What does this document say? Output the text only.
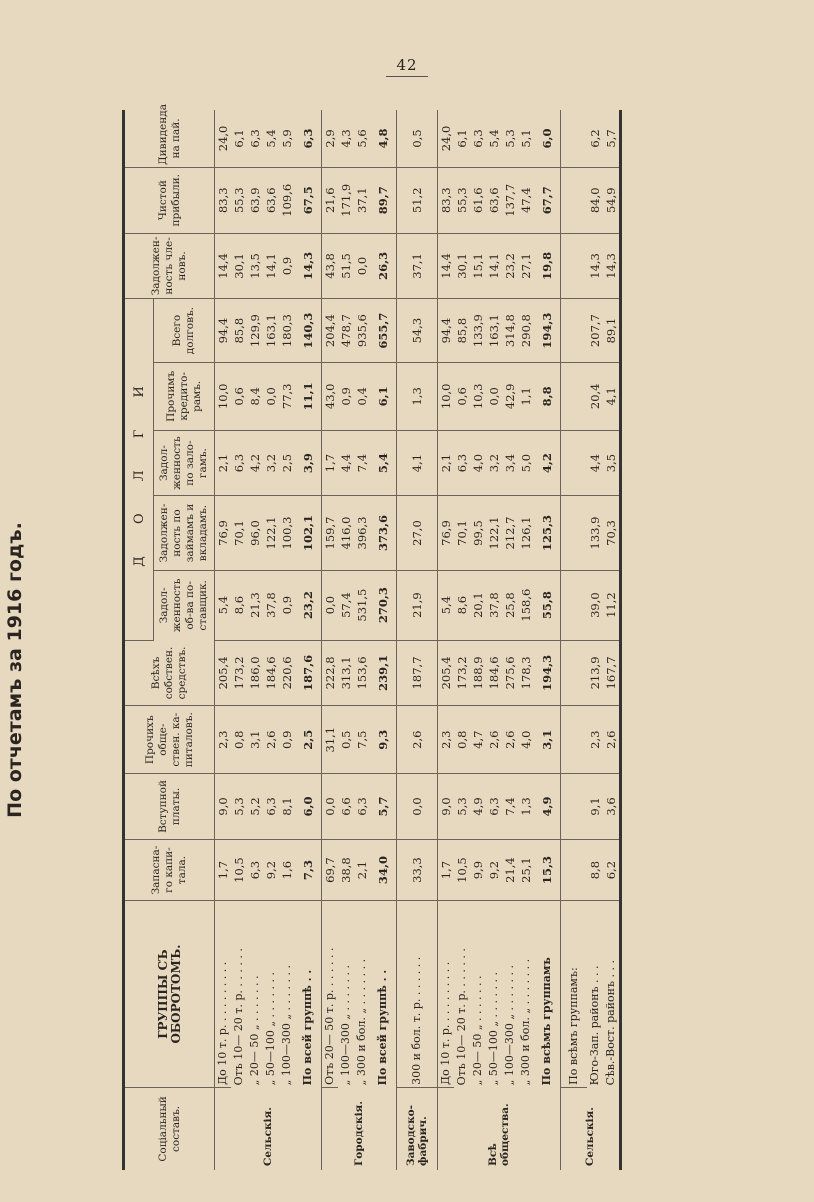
42
По отчетамъ за 1916 годъ.
Соціальный составъ.	ГРУППЫ СЪ ОБОРОТОМЪ.	Запасна-го капи-тала.	Вступной платы.	Прочихъ обще-ствен. ка-питаловъ.	Всѣхъ собствен. средствъ.	Д О Л Г И					Задолжен-ность чле-новъ.	Чистой прибыли.	Дивиденда на пай.
						Задол-женность об-ва по-ставщик.	Задолжен-ность по займамъ и вкладамъ.	Задол-женность по зало-гамъ.	Прочимъ кредито-рамъ.	Всего долговъ.			
Сельскія.	До 10 т. р. . . . . . . . . .	1,7	9,0	2,3	205,4	5,4	76,9	2,1	10,0	94,4	14,4	83,3	24,0
	Отъ 10— 20 т. р. . . . . . .	10,5	5,3	0,8	173,2	8,6	70,1	6,3	0,6	85,8	30,1	55,3	6,1
	„ 20— 50 „ . . . . . . .	6,3	5,2	3,1	186,0	21,3	96,0	4,2	8,4	129,9	13,5	63,9	6,3
	„ 50—100 „ . . . . . . .	9,2	6,3	2,6	184,6	37,8	122,1	3,2	0,0	163,1	14,1	63,6	5,4
	„ 100—300 „ . . . . . . .	1,6	8,1	0,9	220,6	0,9	100,3	2,5	77,3	180,3	0,9	109,6	5,9
	По всей группѣ . .	7,3	6,0	2,5	187,6	23,2	102,1	3,9	11,1	140,3	14,3	67,5	6,3
Городскія.	Отъ 20— 50 т. р. . . . . . .	69,7	0,0	31,1	222,8	0,0	159,7	1,7	43,0	204,4	43,8	21,6	2,9
	„ 100—300 „ . . . . . . .	38,8	6,6	0,5	313,1	57,4	416,0	4,4	0,9	478,7	51,5	171,9	4,3
	„ 300 и бол. „ . . . . . . .	2,1	6,3	7,5	153,6	531,5	396,3	7,4	0,4	935,6	0,0	37,1	5,6
	По всей группѣ . .	34,0	5,7	9,3	239,1	270,3	373,6	5,4	6,1	655,7	26,3	89,7	4,8
Заводско-фабрич.	300 и бол. т. р. . . . . . .	33,3	0,0	2,6	187,7	21,9	27,0	4,1	1,3	54,3	37,1	51,2	0,5
Всѣ общества.	До 10 т. р. . . . . . . . . .	1,7	9,0	2,3	205,4	5,4	76,9	2,1	10,0	94,4	14,4	83,3	24,0
	Отъ 10— 20 т. р. . . . . . .	10,5	5,3	0,8	173,2	8,6	70,1	6,3	0,6	85,8	30,1	55,3	6,1
	„ 20— 50 „ . . . . . . .	9,9	4,9	4,7	188,9	20,1	99,5	4,0	10,3	133,9	15,1	61,6	6,3
	„ 50—100 „ . . . . . . .	9,2	6,3	2,6	184,6	37,8	122,1	3,2	0,0	163,1	14,1	63,6	5,4
	„ 100—300 „ . . . . . . .	21,4	7,4	2,6	275,6	25,8	212,7	3,4	42,9	314,8	23,2	137,7	5,3
	„ 300 и бол. „ . . . . . . .	25,1	1,3	4,0	178,3	158,6	126,1	5,0	1,1	290,8	27,1	47,4	5,1
	По всѣмъ группамъ	15,3	4,9	3,1	194,3	55,8	125,3	4,2	8,8	194,3	19,8	67,7	6,0
Сельскія.	По всѣмъ группамъ:												
	Юго-Зап. районъ . . .	8,8	9,1	2,3	213,9	39,0	133,9	4,4	20,4	207,7	14,3	84,0	6,2
	Сѣв.-Вост. районъ . . .	6,2	3,6	2,6	167,7	11,2	70,3	3,5	4,1	89,1	14,3	54,9	5,7
